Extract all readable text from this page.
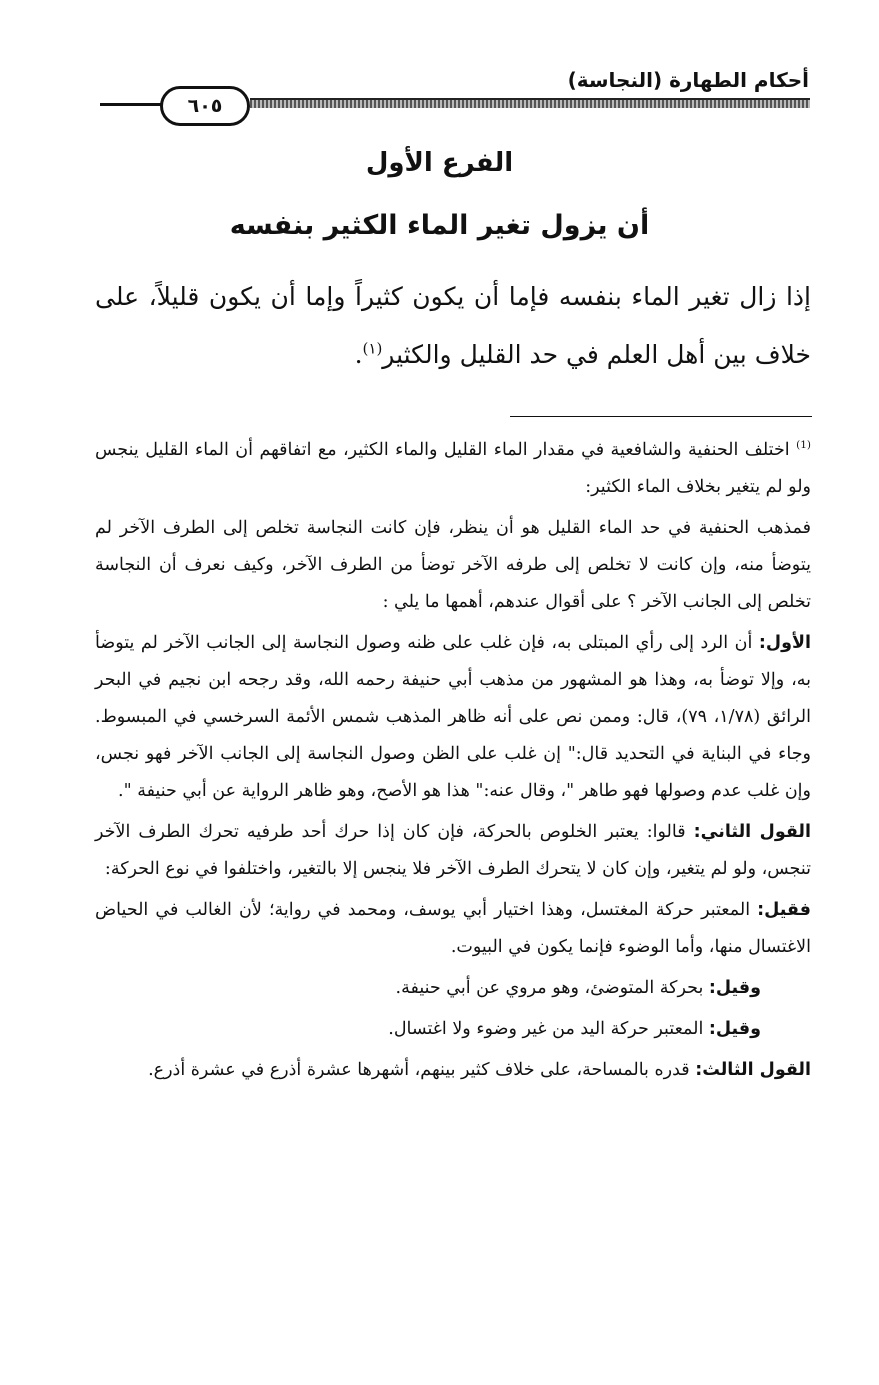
أحكام الطهارة (النجاسة)
٦٠٥
الفرع الأول
أن يزول تغير الماء الكثير بنفسه

إذا زال تغير الماء بنفسه فإما أن يكون كثيراً وإما أن يكون قليلاً، على خلاف بين أهل العلم في حد القليل والكثير$^{(١)}$.

$^{(1)}$ اختلف الحنفية والشافعية في مقدار الماء القليل والماء الكثير، مع اتفاقهم أن الماء القليل ينجس ولو لم يتغير بخلاف الماء الكثير:

فمذهب الحنفية في حد الماء القليل هو أن ينظر، فإن كانت النجاسة تخلص إلى الطرف الآخر لم يتوضأ منه، وإن كانت لا تخلص إلى طرفه الآخر توضأ من الطرف الآخر، وكيف نعرف أن النجاسة تخلص إلى الجانب الآخر ؟ على أقوال عندهم، أهمها ما يلي :

الأول: أن الرد إلى رأي المبتلى به، فإن غلب على ظنه وصول النجاسة إلى الجانب الآخر لم يتوضأ به، وإلا توضأ به، وهذا هو المشهور من مذهب أبي حنيفة رحمه الله، وقد رجحه ابن نجيم في البحر الرائق (١/٧٨، ٧٩)، قال: وممن نص على أنه ظاهر المذهب شمس الأئمة السرخسي في المبسوط. وجاء في البناية في التحديد قال:" إن غلب على الظن وصول النجاسة إلى الجانب الآخر فهو نجس، وإن غلب عدم وصولها فهو طاهر "، وقال عنه:" هذا هو الأصح، وهو ظاهر الرواية عن أبي حنيفة ".

القول الثاني: قالوا: يعتبر الخلوص بالحركة، فإن كان إذا حرك أحد طرفيه تحرك الطرف الآخر تنجس، ولو لم يتغير، وإن كان لا يتحرك الطرف الآخر فلا ينجس إلا بالتغير، واختلفوا في نوع الحركة:

فقيل: المعتبر حركة المغتسل، وهذا اختيار أبي يوسف، ومحمد في رواية؛ لأن الغالب في الحياض الاغتسال منها، وأما الوضوء فإنما يكون في البيوت.

وقيل: بحركة المتوضئ، وهو مروي عن أبي حنيفة.

وقيل: المعتبر حركة اليد من غير وضوء ولا اغتسال.

القول الثالث: قدره بالمساحة، على خلاف كثير بينهم، أشهرها عشرة أذرع في عشرة أذرع.
